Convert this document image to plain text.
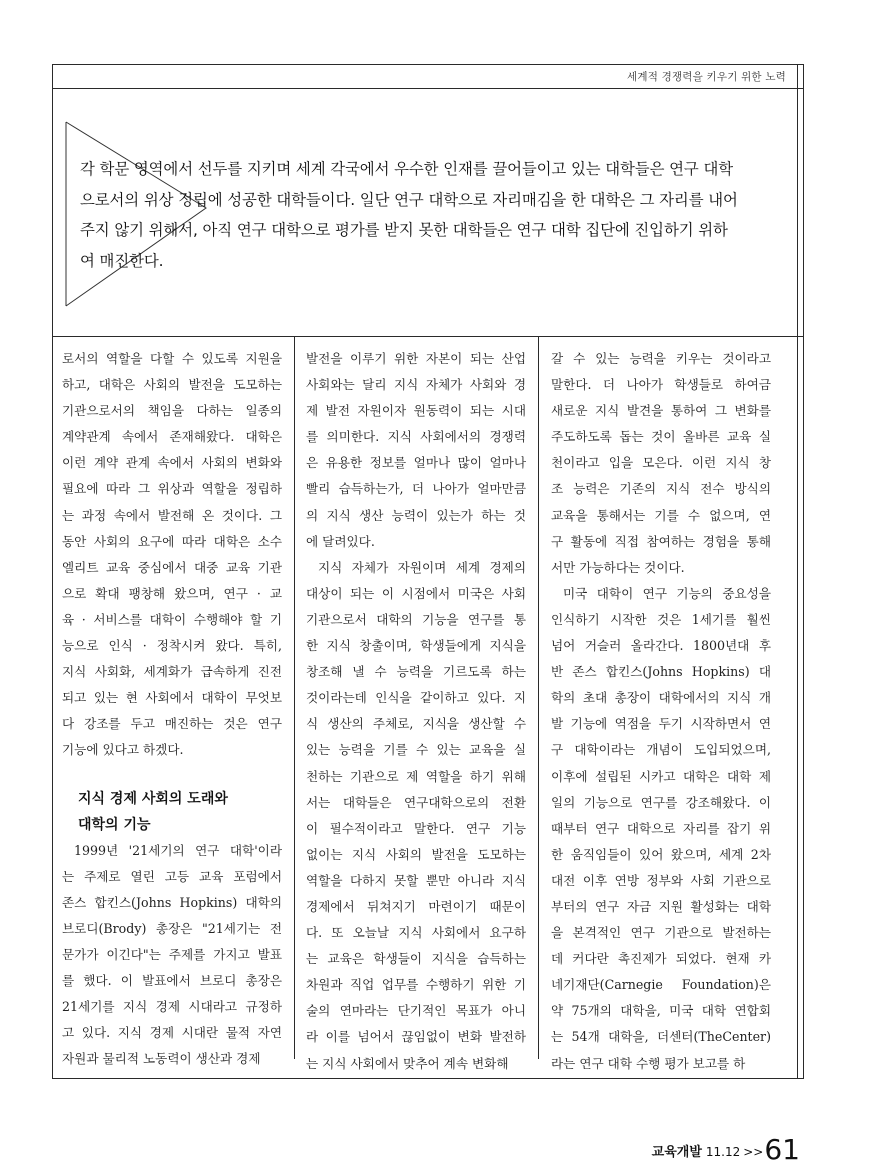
세계적 경쟁력을 키우기 위한 노력
각 학문 영역에서 선두를 지키며 세계 각국에서 우수한 인재를 끌어들이고 있는 대학들은 연구 대학
으로서의 위상 정립에 성공한 대학들이다. 일단 연구 대학으로 자리매김을 한 대학은 그 자리를 내어
주지 않기 위해서, 아직 연구 대학으로 평가를 받지 못한 대학들은 연구 대학 집단에 진입하기 위하
여 매진한다.
로서의 역할을 다할 수 있도록 지원을
하고, 대학은 사회의 발전을 도모하는
기관으로서의 책임을 다하는 일종의
계약관계 속에서 존재해왔다. 대학은
이런 계약 관계 속에서 사회의 변화와
필요에 따라 그 위상과 역할을 정립하
는 과정 속에서 발전해 온 것이다. 그
동안 사회의 요구에 따라 대학은 소수
엘리트 교육 중심에서 대중 교육 기관
으로 확대 팽창해 왔으며, 연구 · 교
육 · 서비스를 대학이 수행해야 할 기
능으로 인식 · 정착시켜 왔다. 특히,
지식 사회화, 세계화가 급속하게 진전
되고 있는 현 사회에서 대학이 무엇보
다 강조를 두고 매진하는 것은 연구
기능에 있다고 하겠다.
지식 경제 사회의 도래와
대학의 기능
1999년 '21세기의 연구 대학'이라
는 주제로 열린 고등 교육 포럼에서
존스 합킨스(Johns Hopkins) 대학의
브로디(Brody) 총장은 "21세기는 전
문가가 이긴다"는 주제를 가지고 발표
를 했다. 이 발표에서 브로디 총장은
21세기를 지식 경제 시대라고 규정하
고 있다. 지식 경제 시대란 물적 자연
자원과 물리적 노동력이 생산과 경제
발전을 이루기 위한 자본이 되는 산업
사회와는 달리 지식 자체가 사회와 경
제 발전 자원이자 원동력이 되는 시대
를 의미한다. 지식 사회에서의 경쟁력
은 유용한 정보를 얼마나 많이 얼마나
빨리 습득하는가, 더 나아가 얼마만큼
의 지식 생산 능력이 있는가 하는 것
에 달려있다.
지식 자체가 자원이며 세계 경제의
대상이 되는 이 시점에서 미국은 사회
기관으로서 대학의 기능을 연구를 통
한 지식 창출이며, 학생들에게 지식을
창조해 낼 수 능력을 기르도록 하는
것이라는데 인식을 같이하고 있다. 지
식 생산의 주체로, 지식을 생산할 수
있는 능력을 기를 수 있는 교육을 실
천하는 기관으로 제 역할을 하기 위해
서는 대학들은 연구대학으로의 전환
이 필수적이라고 말한다. 연구 기능
없이는 지식 사회의 발전을 도모하는
역할을 다하지 못할 뿐만 아니라 지식
경제에서 뒤쳐지기 마련이기 때문이
다. 또 오늘날 지식 사회에서 요구하
는 교육은 학생들이 지식을 습득하는
차원과 직업 업무를 수행하기 위한 기
술의 연마라는 단기적인 목표가 아니
라 이를 넘어서 끊임없이 변화 발전하
는 지식 사회에서 맞추어 계속 변화해
갈 수 있는 능력을 키우는 것이라고
말한다. 더 나아가 학생들로 하여금
새로운 지식 발견을 통하여 그 변화를
주도하도록 돕는 것이 올바른 교육 실
천이라고 입을 모은다. 이런 지식 창
조 능력은 기존의 지식 전수 방식의
교육을 통해서는 기를 수 없으며, 연
구 활동에 직접 참여하는 경험을 통해
서만 가능하다는 것이다.
미국 대학이 연구 기능의 중요성을
인식하기 시작한 것은 1세기를 훨씬
넘어 거슬러 올라간다. 1800년대 후
반 존스 합킨스(Johns Hopkins) 대
학의 초대 총장이 대학에서의 지식 개
발 기능에 역점을 두기 시작하면서 연
구 대학이라는 개념이 도입되었으며,
이후에 설립된 시카고 대학은 대학 제
일의 기능으로 연구를 강조해왔다. 이
때부터 연구 대학으로 자리를 잡기 위
한 움직임들이 있어 왔으며, 세계 2차
대전 이후 연방 정부와 사회 기관으로
부터의 연구 자금 지원 활성화는 대학
을 본격적인 연구 기관으로 발전하는
데 커다란 촉진제가 되었다. 현재 카
네기재단(Carnegie Foundation)은
약 75개의 대학을, 미국 대학 연합회
는 54개 대학을, 더센터(TheCenter)
라는 연구 대학 수행 평가 보고를 하
교육개발 11.12 >>61
